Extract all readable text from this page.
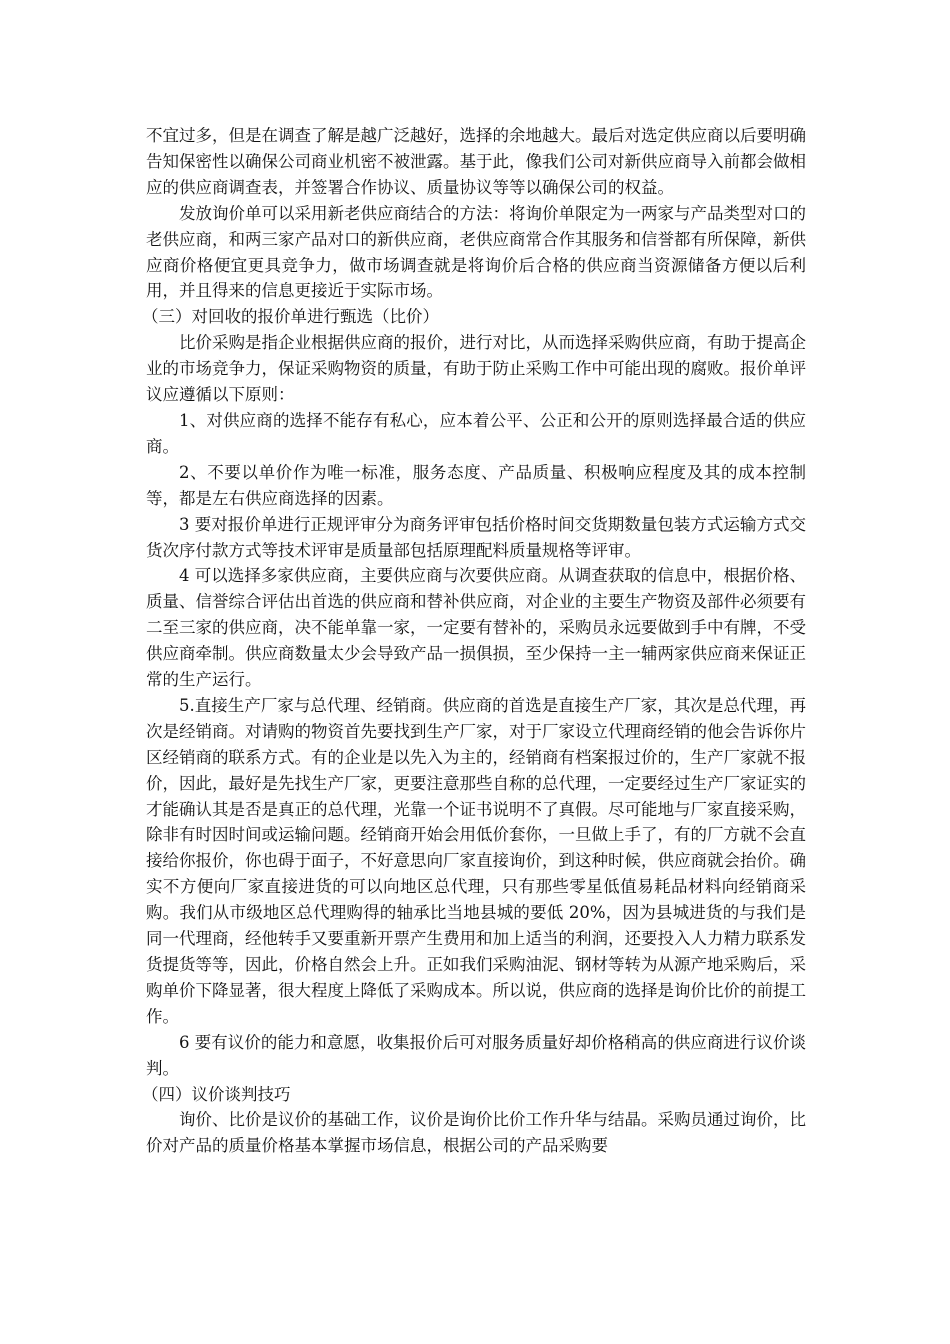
不宜过多，但是在调查了解是越广泛越好，选择的余地越大。最后对选定供应商以后要明确告知保密性以确保公司商业机密不被泄露。基于此，像我们公司对新供应商导入前都会做相应的供应商调查表，并签署合作协议、质量协议等等以确保公司的权益。

发放询价单可以采用新老供应商结合的方法：将询价单限定为一两家与产品类型对口的老供应商，和两三家产品对口的新供应商，老供应商常合作其服务和信誉都有所保障，新供应商价格便宜更具竞争力，做市场调查就是将询价后合格的供应商当资源储备方便以后利用，并且得来的信息更接近于实际市场。

（三）对回收的报价单进行甄选（比价）

比价采购是指企业根据供应商的报价，进行对比，从而选择采购供应商，有助于提高企业的市场竞争力，保证采购物资的质量，有助于防止采购工作中可能出现的腐败。报价单评议应遵循以下原则：

1、对供应商的选择不能存有私心，应本着公平、公正和公开的原则选择最合适的供应商。

2、不要以单价作为唯一标准，服务态度、产品质量、积极响应程度及其的成本控制等，都是左右供应商选择的因素。

3 要对报价单进行正规评审分为商务评审包括价格时间交货期数量包装方式运输方式交货次序付款方式等技术评审是质量部包括原理配料质量规格等评审。

4 可以选择多家供应商，主要供应商与次要供应商。从调查获取的信息中，根据价格、质量、信誉综合评估出首选的供应商和替补供应商，对企业的主要生产物资及部件必须要有二至三家的供应商，决不能单靠一家，一定要有替补的，采购员永远要做到手中有牌，不受供应商牵制。供应商数量太少会导致产品一损俱损，至少保持一主一辅两家供应商来保证正常的生产运行。

5.直接生产厂家与总代理、经销商。供应商的首选是直接生产厂家，其次是总代理，再次是经销商。对请购的物资首先要找到生产厂家，对于厂家设立代理商经销的他会告诉你片区经销商的联系方式。有的企业是以先入为主的，经销商有档案报过价的，生产厂家就不报价，因此，最好是先找生产厂家，更要注意那些自称的总代理，一定要经过生产厂家证实的才能确认其是否是真正的总代理，光靠一个证书说明不了真假。尽可能地与厂家直接采购，除非有时因时间或运输问题。经销商开始会用低价套你，一旦做上手了，有的厂方就不会直接给你报价，你也碍于面子，不好意思向厂家直接询价，到这种时候，供应商就会抬价。确实不方便向厂家直接进货的可以向地区总代理，只有那些零星低值易耗品材料向经销商采购。我们从市级地区总代理购得的轴承比当地县城的要低 20%，因为县城进货的与我们是同一代理商，经他转手又要重新开票产生费用和加上适当的利润，还要投入人力精力联系发货提货等等，因此，价格自然会上升。正如我们采购油泥、钢材等转为从源产地采购后，采购单价下降显著，很大程度上降低了采购成本。所以说，供应商的选择是询价比价的前提工作。

6 要有议价的能力和意愿，收集报价后可对服务质量好却价格稍高的供应商进行议价谈判。

（四）议价谈判技巧

询价、比价是议价的基础工作，议价是询价比价工作升华与结晶。采购员通过询价，比价对产品的质量价格基本掌握市场信息，根据公司的产品采购要
